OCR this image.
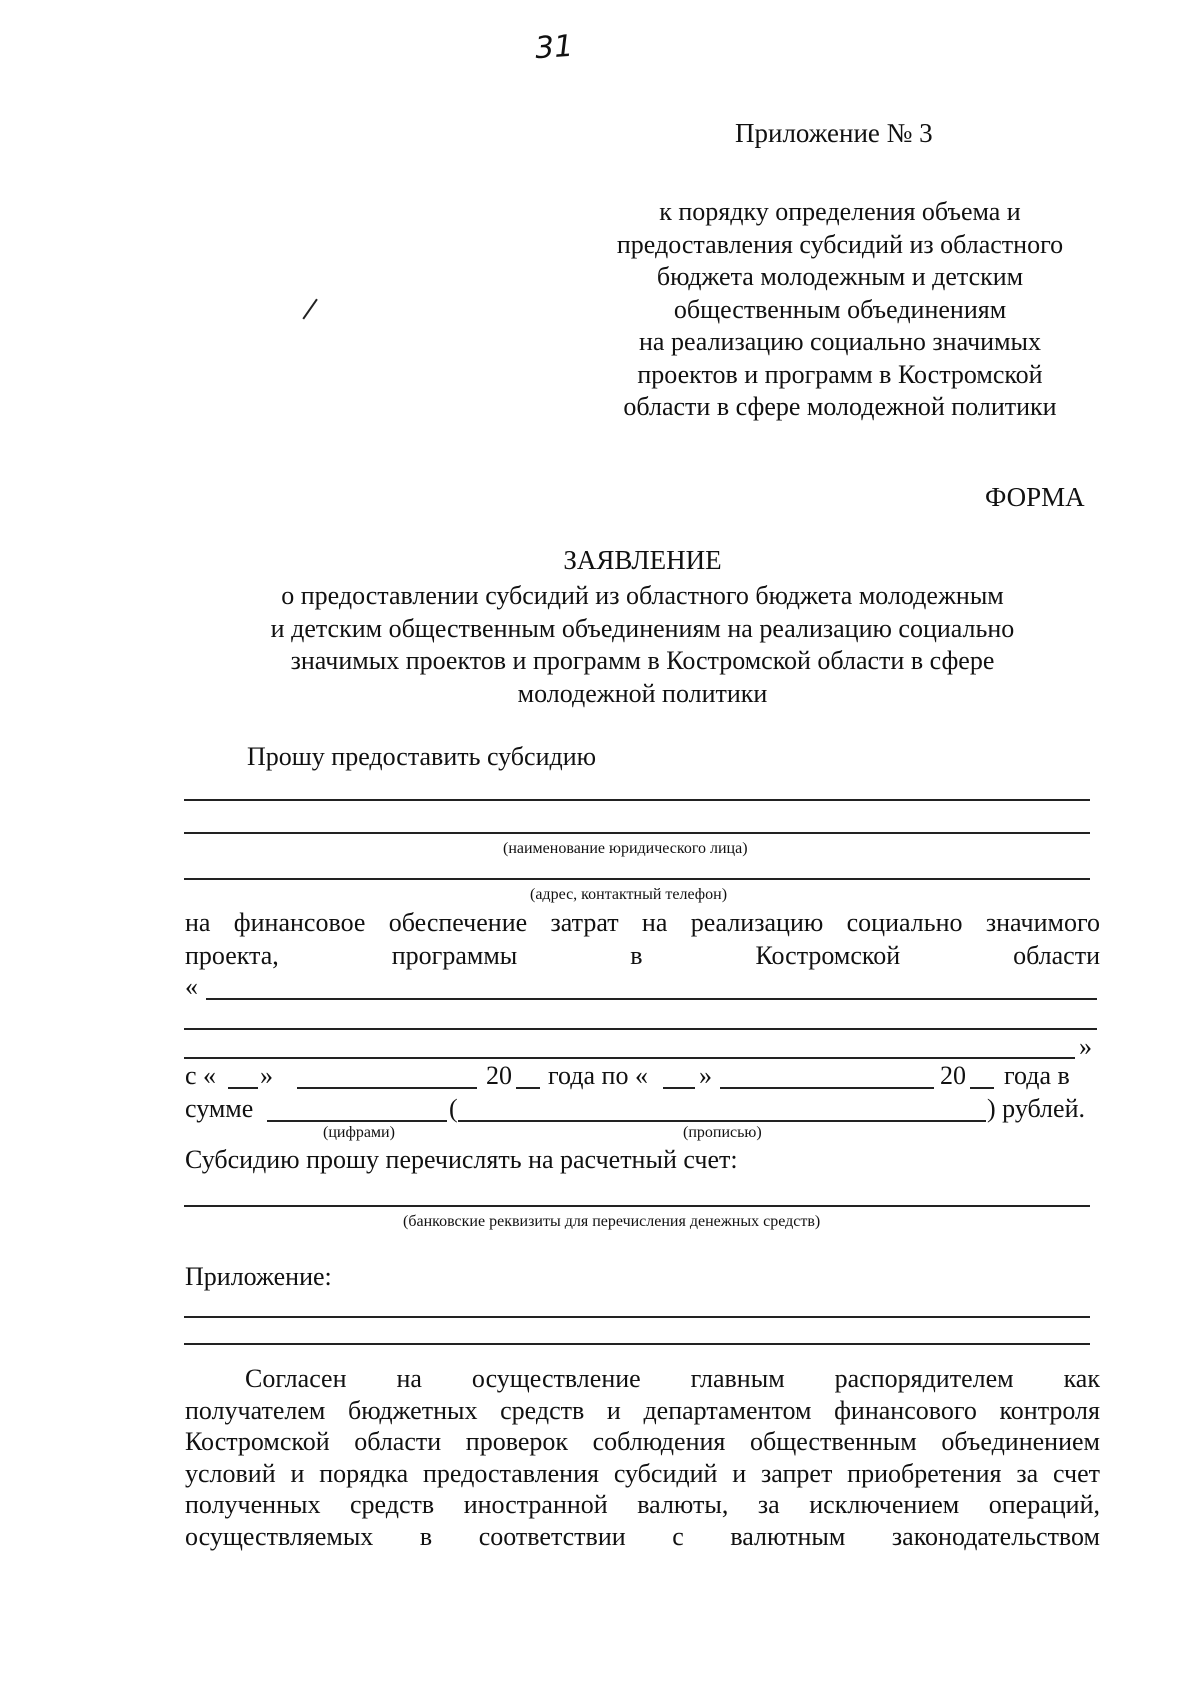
31
Приложение № 3
к порядку определения объема и
предоставления субсидий из областного
бюджета молодежным и детским
общественным объединениям
на реализацию социально значимых
проектов и программ в Костромской
области в сфере молодежной политики
ФОРМА
ЗАЯВЛЕНИЕ
о предоставлении субсидий из областного бюджета молодежным
и детским общественным объединениям на реализацию социально
значимых проектов и программ в Костромской области в сфере
молодежной политики
Прошу предоставить субсидию
(наименование юридического лица)
(адрес, контактный телефон)
на финансовое обеспечение затрат на реализацию социально значимого
проекта,	программы	в	Костромской	области
«
»
с « »	20 года по « »	20 года в
сумме	(	) рублей.
(цифрами)	(прописью)
Субсидию прошу перечислять на расчетный счет:
(банковские реквизиты для перечисления денежных средств)
Приложение:
Согласен на осуществление главным распорядителем как
получателем бюджетных средств и департаментом финансового контроля
Костромской области проверок соблюдения общественным объединением
условий и порядка предоставления субсидий и запрет приобретения за счет
полученных средств иностранной валюты, за исключением операций,
осуществляемых в соответствии с валютным законодательством
